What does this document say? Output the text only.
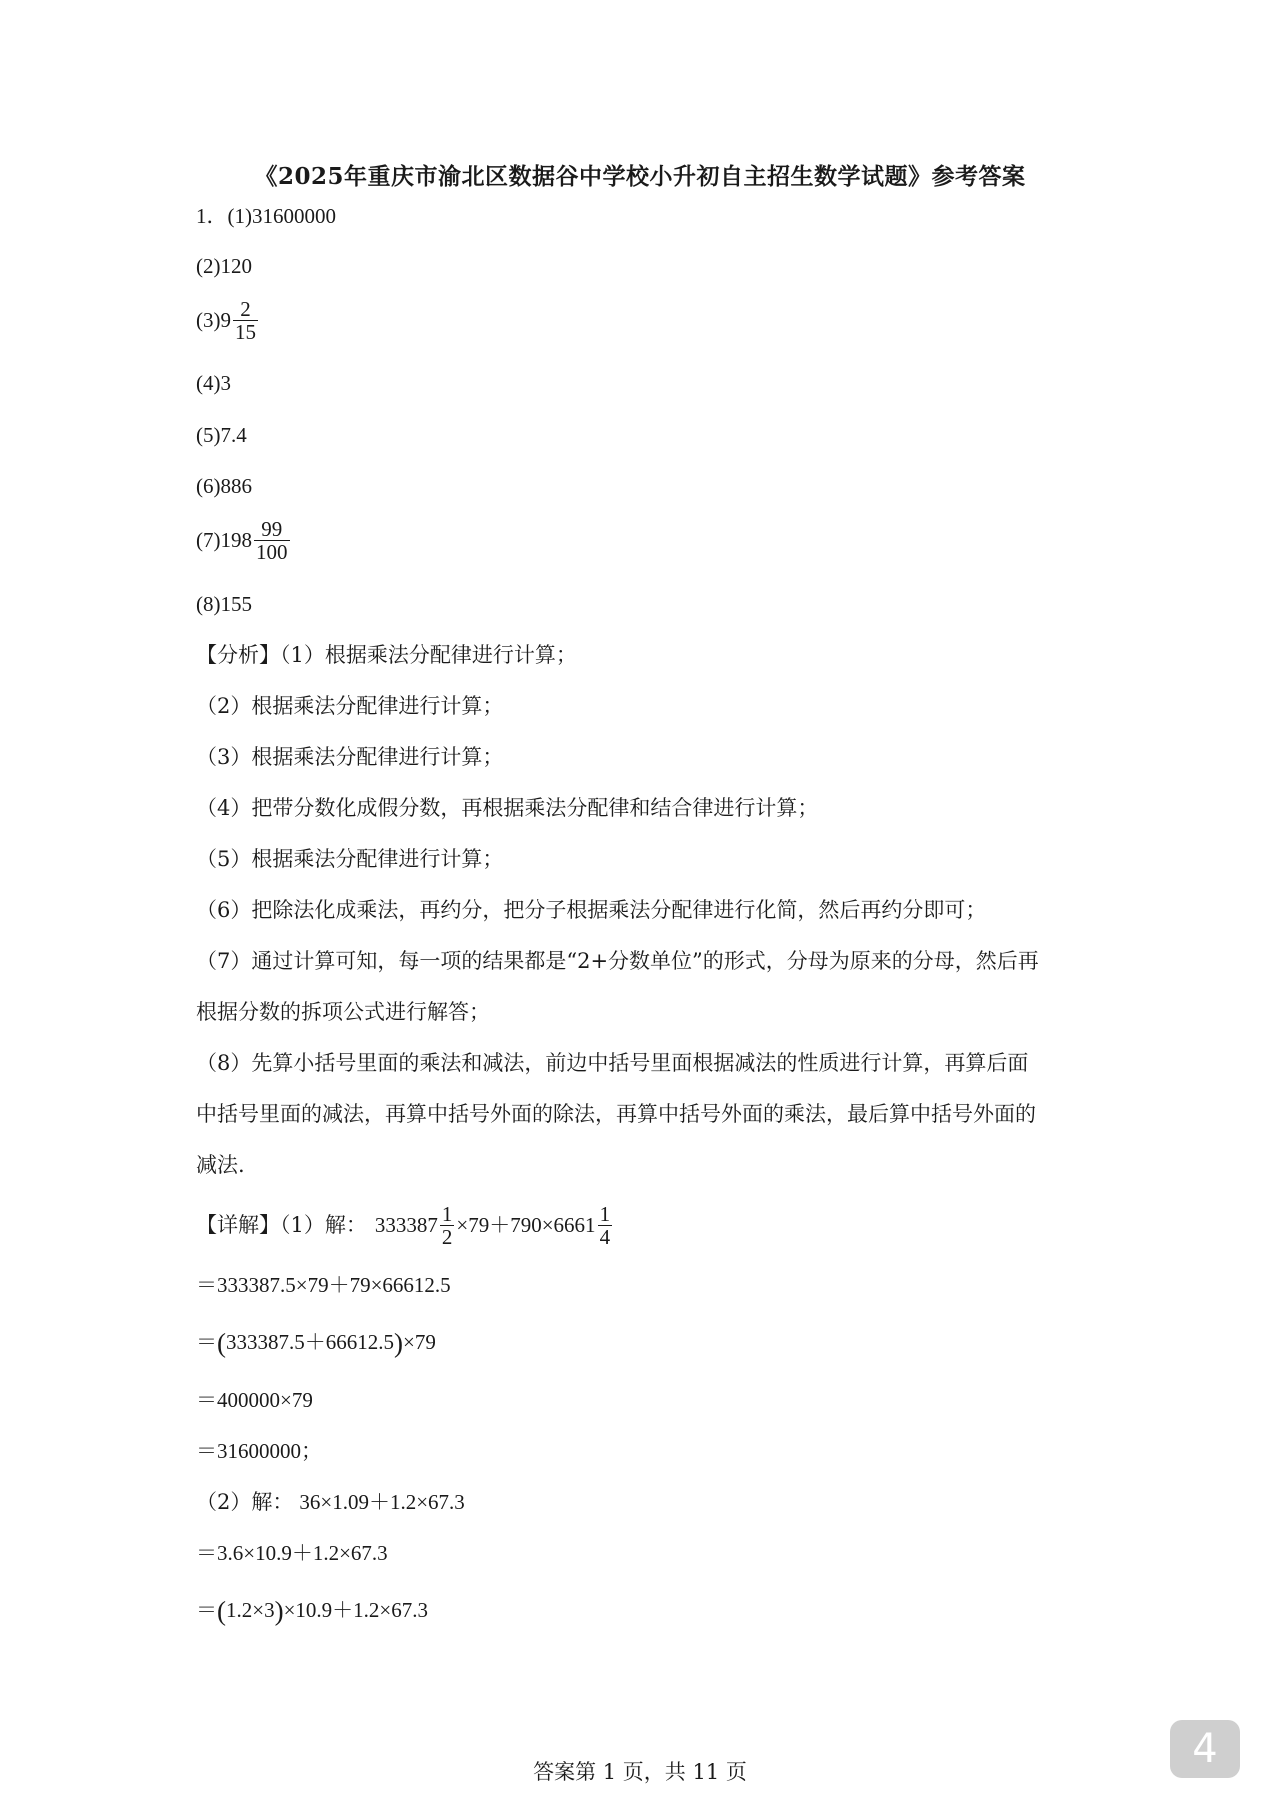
《2025年重庆市渝北区数据谷中学校小升初自主招生数学试题》参考答案
1．(1)31600000
(2)120
$(3)9 \frac{2}{15}$
(4)3
(5)7.4
(6)886
$(7)198 \frac{99}{100}$
(8)155
【分析】（1）根据乘法分配律进行计算；
（2）根据乘法分配律进行计算；
（3）根据乘法分配律进行计算；
（4）把带分数化成假分数，再根据乘法分配律和结合律进行计算；
（5）根据乘法分配律进行计算；
（6）把除法化成乘法，再约分，把分子根据乘法分配律进行化简，然后再约分即可；
（7）通过计算可知，每一项的结果都是“2+分数单位”的形式，分母为原来的分母，然后再
根据分数的拆项公式进行解答；
（8）先算小括号里面的乘法和减法，前边中括号里面根据减法的性质进行计算，再算后面
中括号里面的减法，再算中括号外面的除法，再算中括号外面的乘法，最后算中括号外面的
减法.
【详解】（1）解： $333387 \frac{1}{2} \times 79+790\times 6661 \frac{1}{4}$
＝333387.5×79＋79×66612.5
＝(333387.5＋66612.5)×79
＝400000×79
＝31600000；
（2）解： 36×1.09＋1.2×67.3
＝3.6×10.9＋1.2×67.3
＝(1.2×3)×10.9＋1.2×67.3
答案第 1 页，共 11 页	4
